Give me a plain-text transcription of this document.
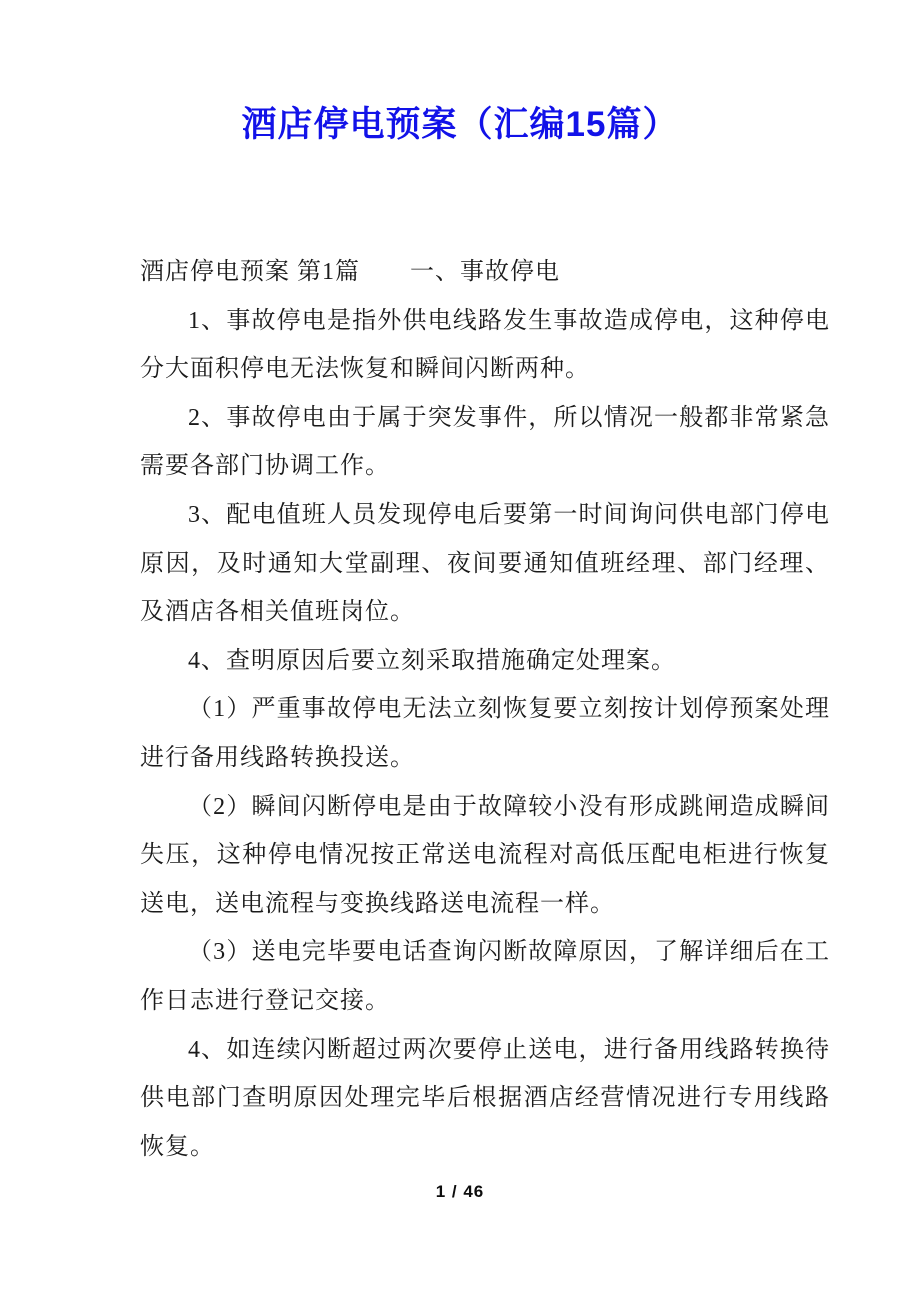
酒店停电预案（汇编15篇）

酒店停电预案 第1篇　　一、事故停电

1、事故停电是指外供电线路发生事故造成停电，这种停电分大面积停电无法恢复和瞬间闪断两种。

2、事故停电由于属于突发事件，所以情况一般都非常紧急需要各部门协调工作。

3、配电值班人员发现停电后要第一时间询问供电部门停电原因，及时通知大堂副理、夜间要通知值班经理、部门经理、及酒店各相关值班岗位。

4、查明原因后要立刻采取措施确定处理案。

（1）严重事故停电无法立刻恢复要立刻按计划停预案处理进行备用线路转换投送。

（2）瞬间闪断停电是由于故障较小没有形成跳闸造成瞬间失压，这种停电情况按正常送电流程对高低压配电柜进行恢复送电，送电流程与变换线路送电流程一样。

（3）送电完毕要电话查询闪断故障原因，了解详细后在工作日志进行登记交接。

4、如连续闪断超过两次要停止送电，进行备用线路转换待供电部门查明原因处理完毕后根据酒店经营情况进行专用线路恢复。

1 / 46
